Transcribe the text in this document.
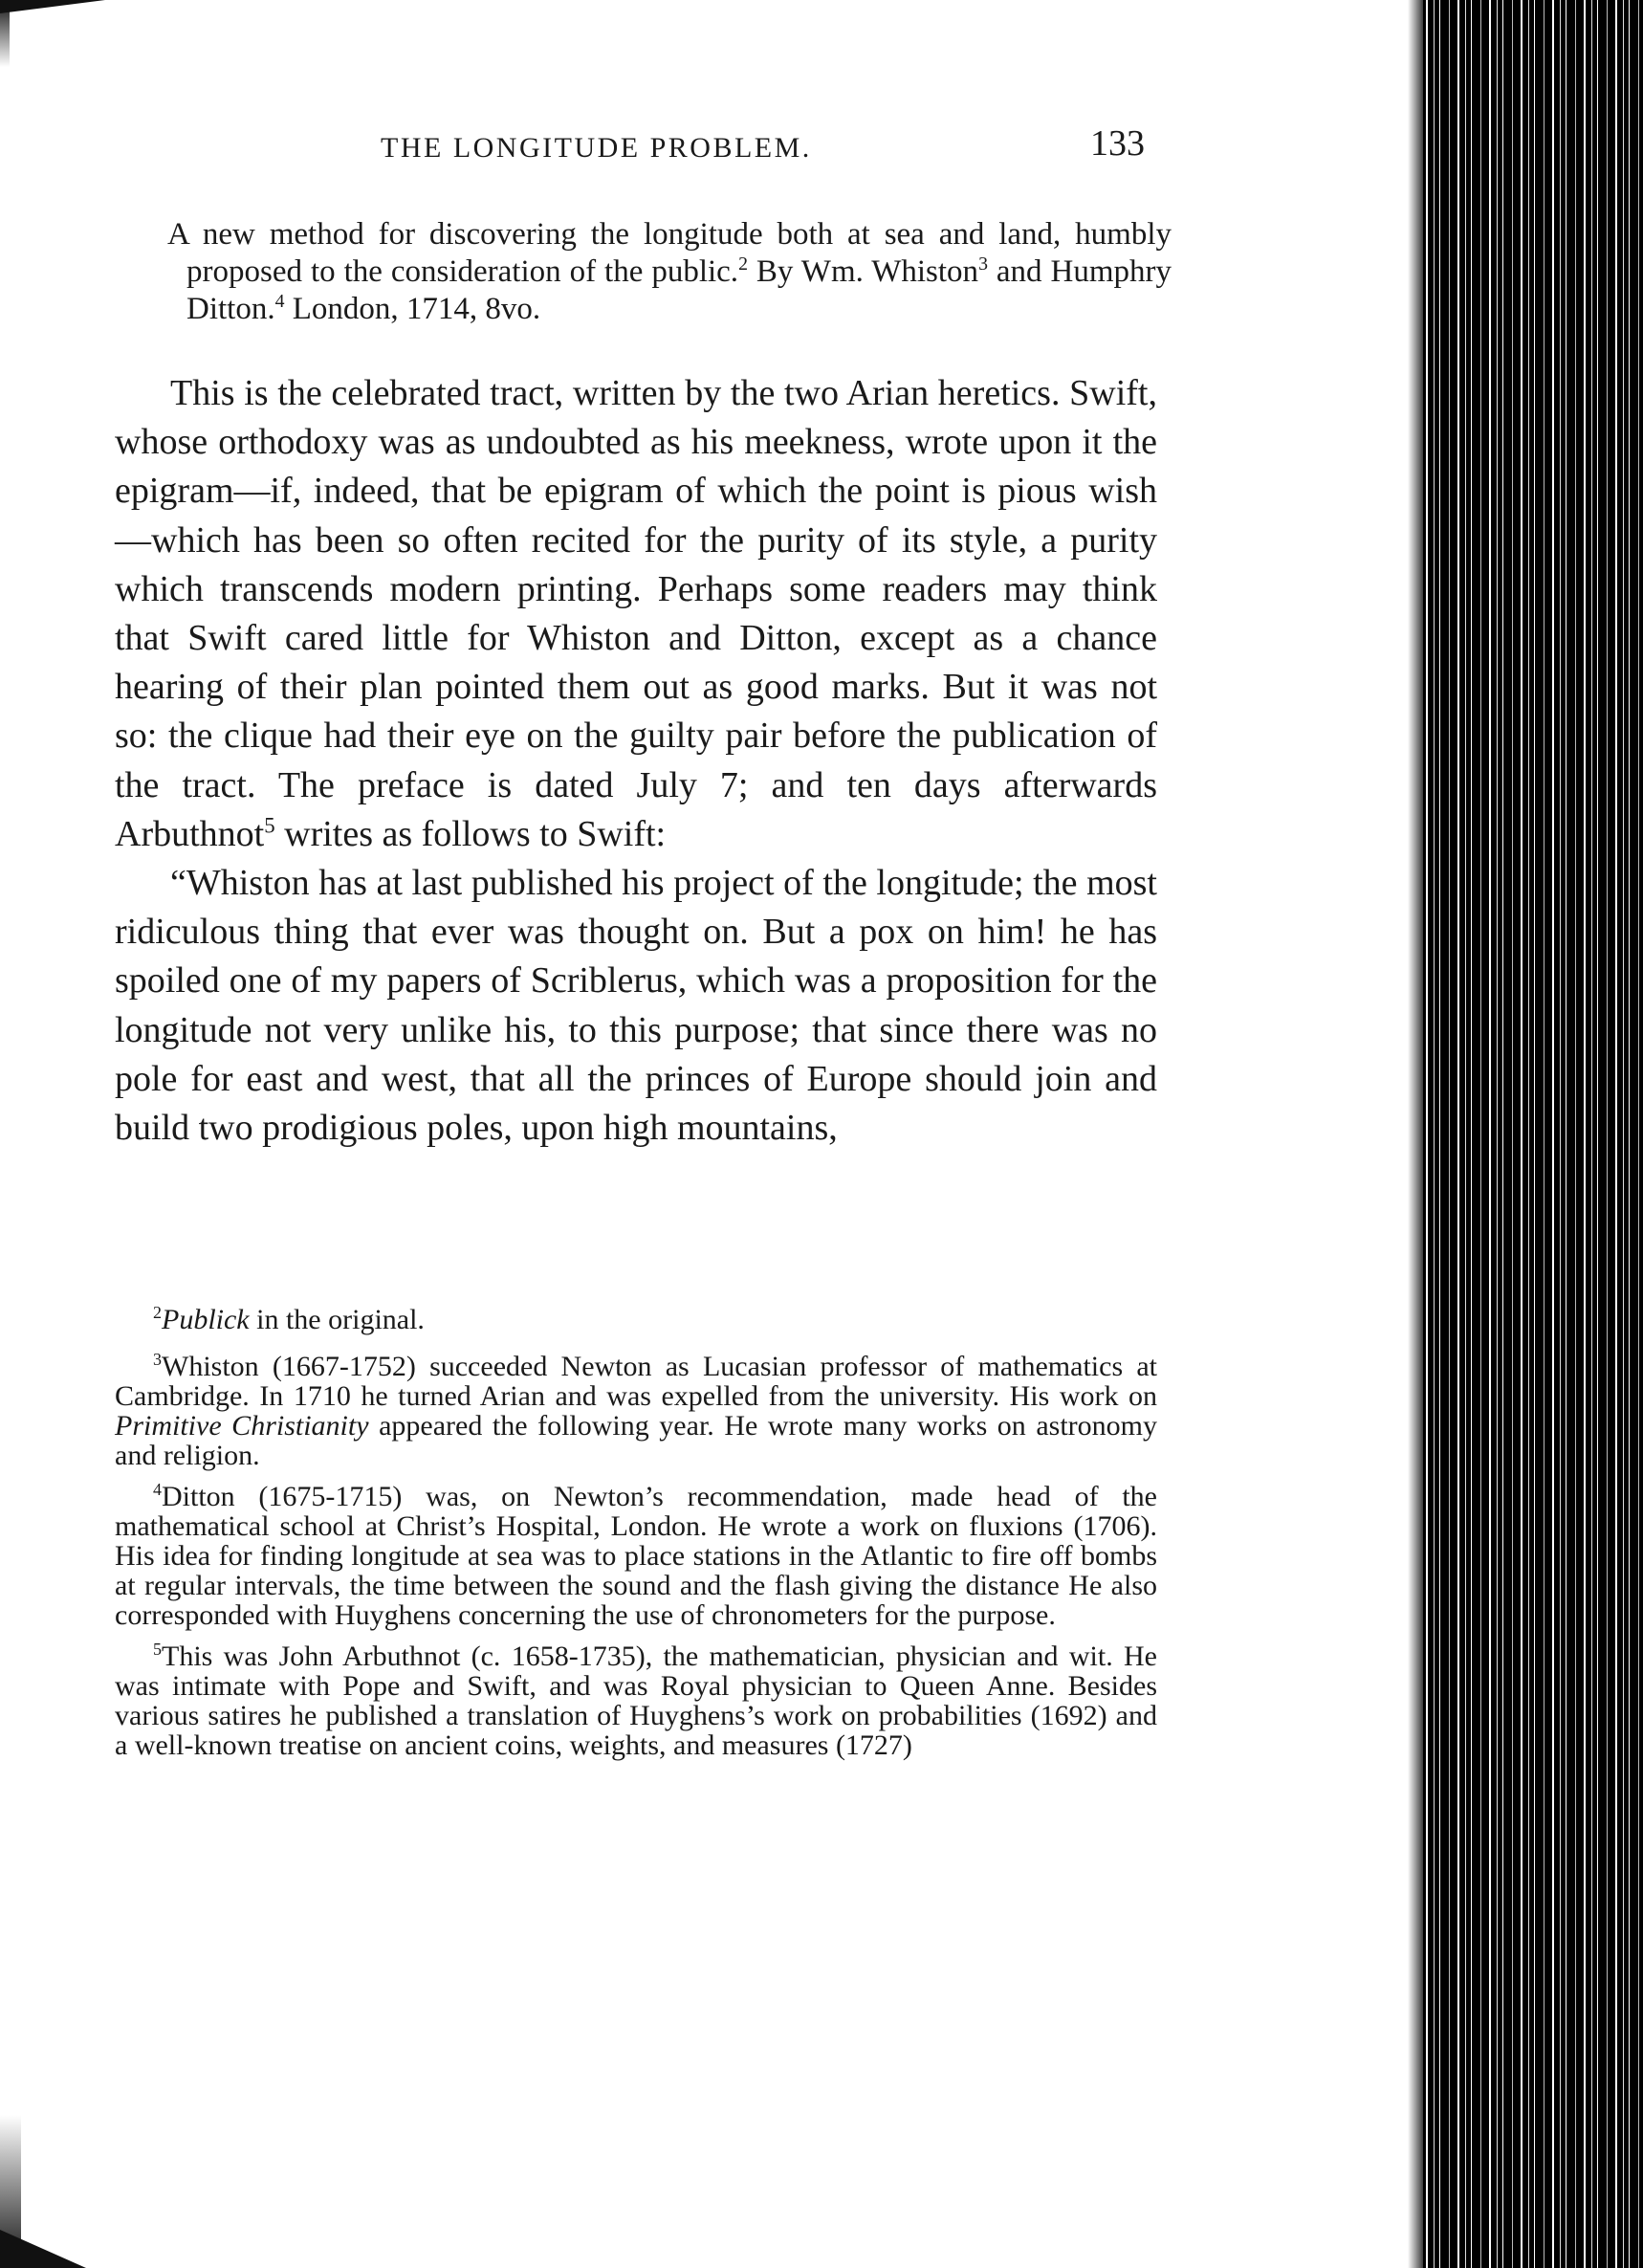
THE LONGITUDE PROBLEM.	133
A new method for discovering the longitude both at sea and land, humbly proposed to the consideration of the public.$^2$ By Wm. Whiston$^3$ and Humphry Ditton.$^4$ London, 1714, 8vo.

This is the celebrated tract, written by the two Arian heretics. Swift, whose orthodoxy was as undoubted as his meekness, wrote upon it the epigram—if, indeed, that be epigram of which the point is pious wish—which has been so often recited for the purity of its style, a purity which transcends modern printing. Perhaps some readers may think that Swift cared little for Whiston and Ditton, except as a chance hearing of their plan pointed them out as good marks. But it was not so: the clique had their eye on the guilty pair before the publication of the tract. The preface is dated July 7; and ten days afterwards Arbuthnot$^5$ writes as follows to Swift:

“Whiston has at last published his project of the longitude; the most ridiculous thing that ever was thought on. But a pox on him! he has spoiled one of my papers of Scriblerus, which was a proposition for the longitude not very unlike his, to this purpose; that since there was no pole for east and west, that all the princes of Europe should join and build two prodigious poles, upon high mountains,

$^2$Publick in the original.

$^3$Whiston (1667-1752) succeeded Newton as Lucasian professor of mathematics at Cambridge. In 1710 he turned Arian and was expelled from the university. His work on Primitive Christianity appeared the following year. He wrote many works on astronomy and religion.

$^4$Ditton (1675-1715) was, on Newton’s recommendation, made head of the mathematical school at Christ’s Hospital, London. He wrote a work on fluxions (1706). His idea for finding longitude at sea was to place stations in the Atlantic to fire off bombs at regular intervals, the time between the sound and the flash giving the distance He also corresponded with Huyghens concerning the use of chronometers for the purpose.

$^5$This was John Arbuthnot (c. 1658-1735), the mathematician, physician and wit. He was intimate with Pope and Swift, and was Royal physician to Queen Anne. Besides various satires he published a translation of Huyghens’s work on probabilities (1692) and a well-known treatise on ancient coins, weights, and measures (1727)
